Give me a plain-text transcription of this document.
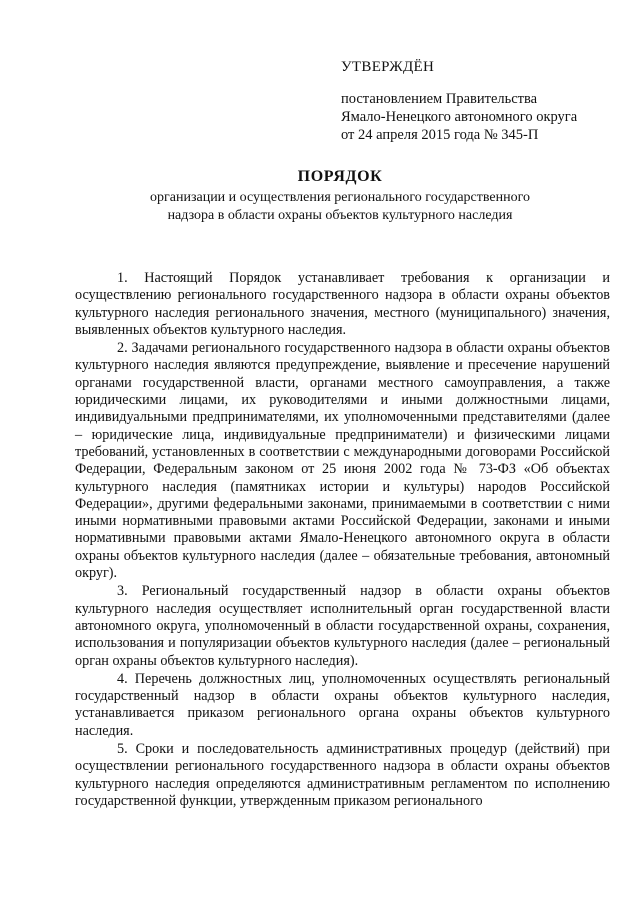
УТВЕРЖДЁН
постановлением Правительства
Ямало-Ненецкого автономного округа
от 24 апреля 2015 года № 345-П
ПОРЯДОК
организации и осуществления регионального государственного
надзора в области охраны объектов культурного наследия

1. Настоящий Порядок устанавливает требования к организации и осуществлению регионального государственного надзора в области охраны объектов культурного наследия регионального значения, местного (муниципального) значения, выявленных объектов культурного наследия.

2. Задачами регионального государственного надзора в области охраны объектов культурного наследия являются предупреждение, выявление и пресечение нарушений органами государственной власти, органами местного самоуправления, а также юридическими лицами, их руководителями и иными должностными лицами, индивидуальными предпринимателями, их уполномоченными представителями (далее – юридические лица, индивидуальные предприниматели) и физическими лицами требований, установленных в соответствии с международными договорами Российской Федерации, Федеральным законом от 25 июня 2002 года № 73-ФЗ «Об объектах культурного наследия (памятниках истории и культуры) народов Российской Федерации», другими федеральными законами, принимаемыми в соответствии с ними иными нормативными правовыми актами Российской Федерации, законами и иными нормативными правовыми актами Ямало-Ненецкого автономного округа в области охраны объектов культурного наследия (далее – обязательные требования, автономный округ).

3. Региональный государственный надзор в области охраны объектов культурного наследия осуществляет исполнительный орган государственной власти автономного округа, уполномоченный в области государственной охраны, сохранения, использования и популяризации объектов культурного наследия (далее – региональный орган охраны объектов культурного наследия).

4. Перечень должностных лиц, уполномоченных осуществлять региональный государственный надзор в области охраны объектов культурного наследия, устанавливается приказом регионального органа охраны объектов культурного наследия.

5. Сроки и последовательность административных процедур (действий) при осуществлении регионального государственного надзора в области охраны объектов культурного наследия определяются административным регламентом по исполнению государственной функции, утвержденным приказом регионального
